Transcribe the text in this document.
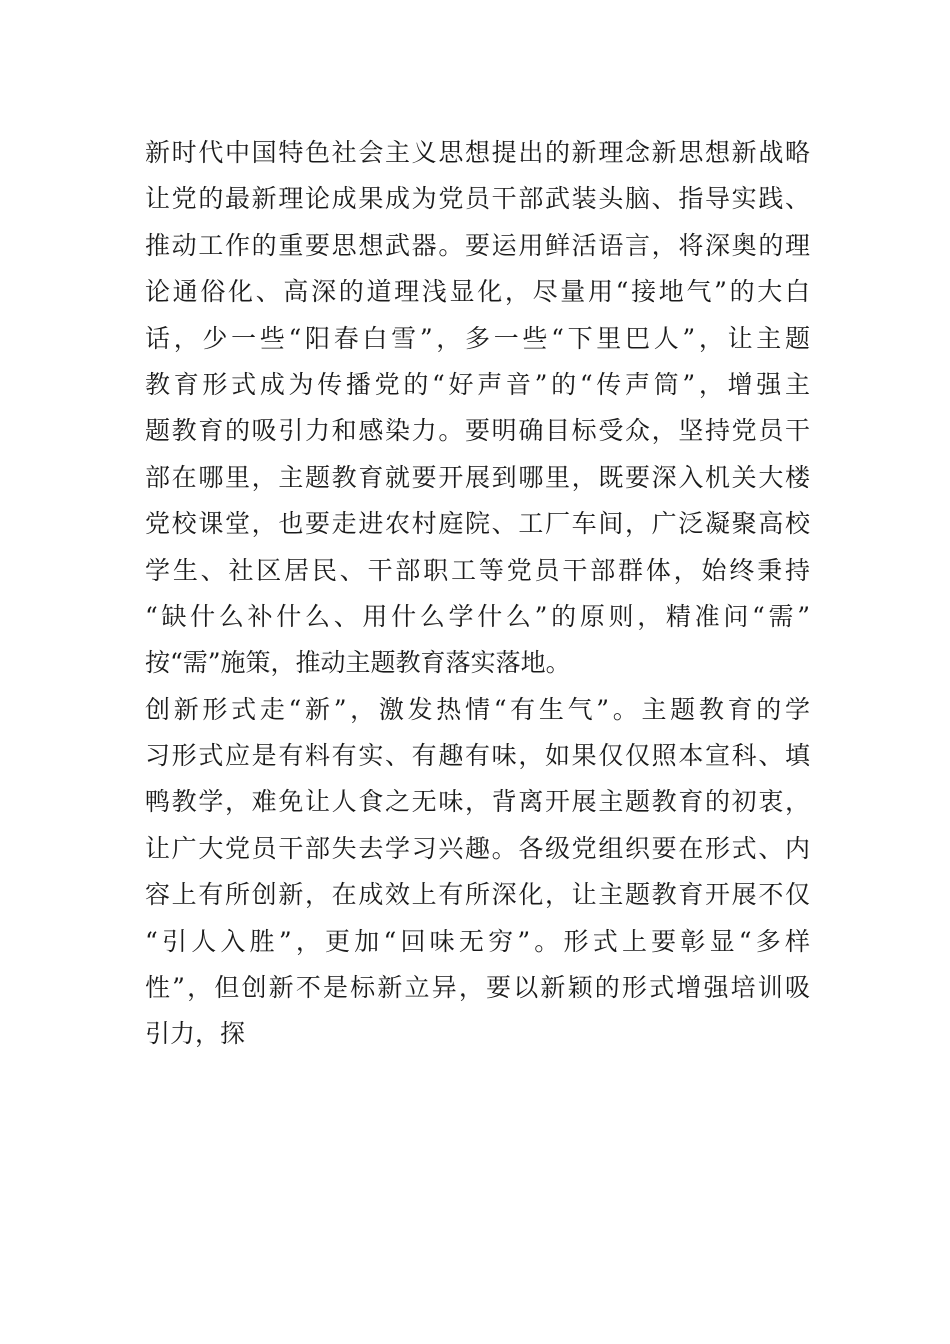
新时代中国特色社会主义思想提出的新理念新思想新战略
让党的最新理论成果成为党员干部武装头脑、指导实践、
推动工作的重要思想武器。要运用鲜活语言，将深奥的理
论通俗化、高深的道理浅显化，尽量用“接地气”的大白
话，少一些“阳春白雪”，多一些“下里巴人”，让主题
教育形式成为传播党的“好声音”的“传声筒”，增强主
题教育的吸引力和感染力。要明确目标受众，坚持党员干
部在哪里，主题教育就要开展到哪里，既要深入机关大楼
党校课堂，也要走进农村庭院、工厂车间，广泛凝聚高校
学生、社区居民、干部职工等党员干部群体，始终秉持
“缺什么补什么、用什么学什么”的原则，精准问“需”
按“需”施策，推动主题教育落实落地。
创新形式走“新”，激发热情“有生气”。主题教育的学
习形式应是有料有实、有趣有味，如果仅仅照本宣科、填
鸭教学，难免让人食之无味，背离开展主题教育的初衷，
让广大党员干部失去学习兴趣。各级党组织要在形式、内
容上有所创新，在成效上有所深化，让主题教育开展不仅
“引人入胜”，更加“回味无穷”。形式上要彰显“多样
性”，但创新不是标新立异，要以新颖的形式增强培训吸
引力，探
